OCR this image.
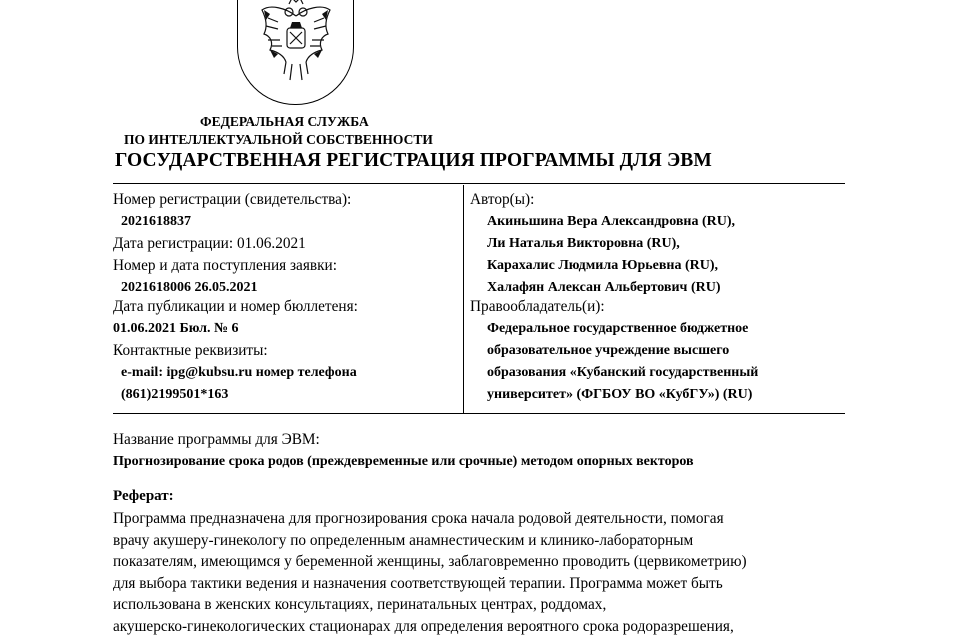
ФЕДЕРАЛЬНАЯ СЛУЖБА
ПО ИНТЕЛЛЕКТУАЛЬНОЙ СОБСТВЕННОСТИ
ГОСУДАРСТВЕННАЯ РЕГИСТРАЦИЯ ПРОГРАММЫ ДЛЯ ЭВМ
Номер регистрации (свидетельства):
2021618837
Дата регистрации: 01.06.2021
Номер и дата поступления заявки:
2021618006 26.05.2021
Дата публикации и номер бюллетеня:
01.06.2021 Бюл. № 6
Контактные реквизиты:
e-mail: ipg@kubsu.ru номер телефона
(861)2199501*163
Автор(ы):
Акиньшина Вера Александровна (RU),
Ли Наталья Викторовна (RU),
Карахалис Людмила Юрьевна (RU),
Халафян Алексан Альбертович (RU)
Правообладатель(и):
Федеральное государственное бюджетное
образовательное учреждение высшего
образования «Кубанский государственный
университет» (ФГБОУ ВО «КубГУ») (RU)
Название программы для ЭВМ:
Прогнозирование срока родов (преждевременные или срочные) методом опорных векторов
Реферат:

Программа предназначена для прогнозирования срока начала родовой деятельности, помогая

врачу акушеру-гинекологу по определенным анамнестическим и клинико-лабораторным

показателям, имеющимся у беременной женщины, заблаговременно проводить (цервикометрию)

для выбора тактики ведения и назначения соответствующей терапии. Программа может быть

использована в женских консультациях, перинатальных центрах, роддомах,

акушерско-гинекологических стационарах для определения вероятного срока родоразрешения,
